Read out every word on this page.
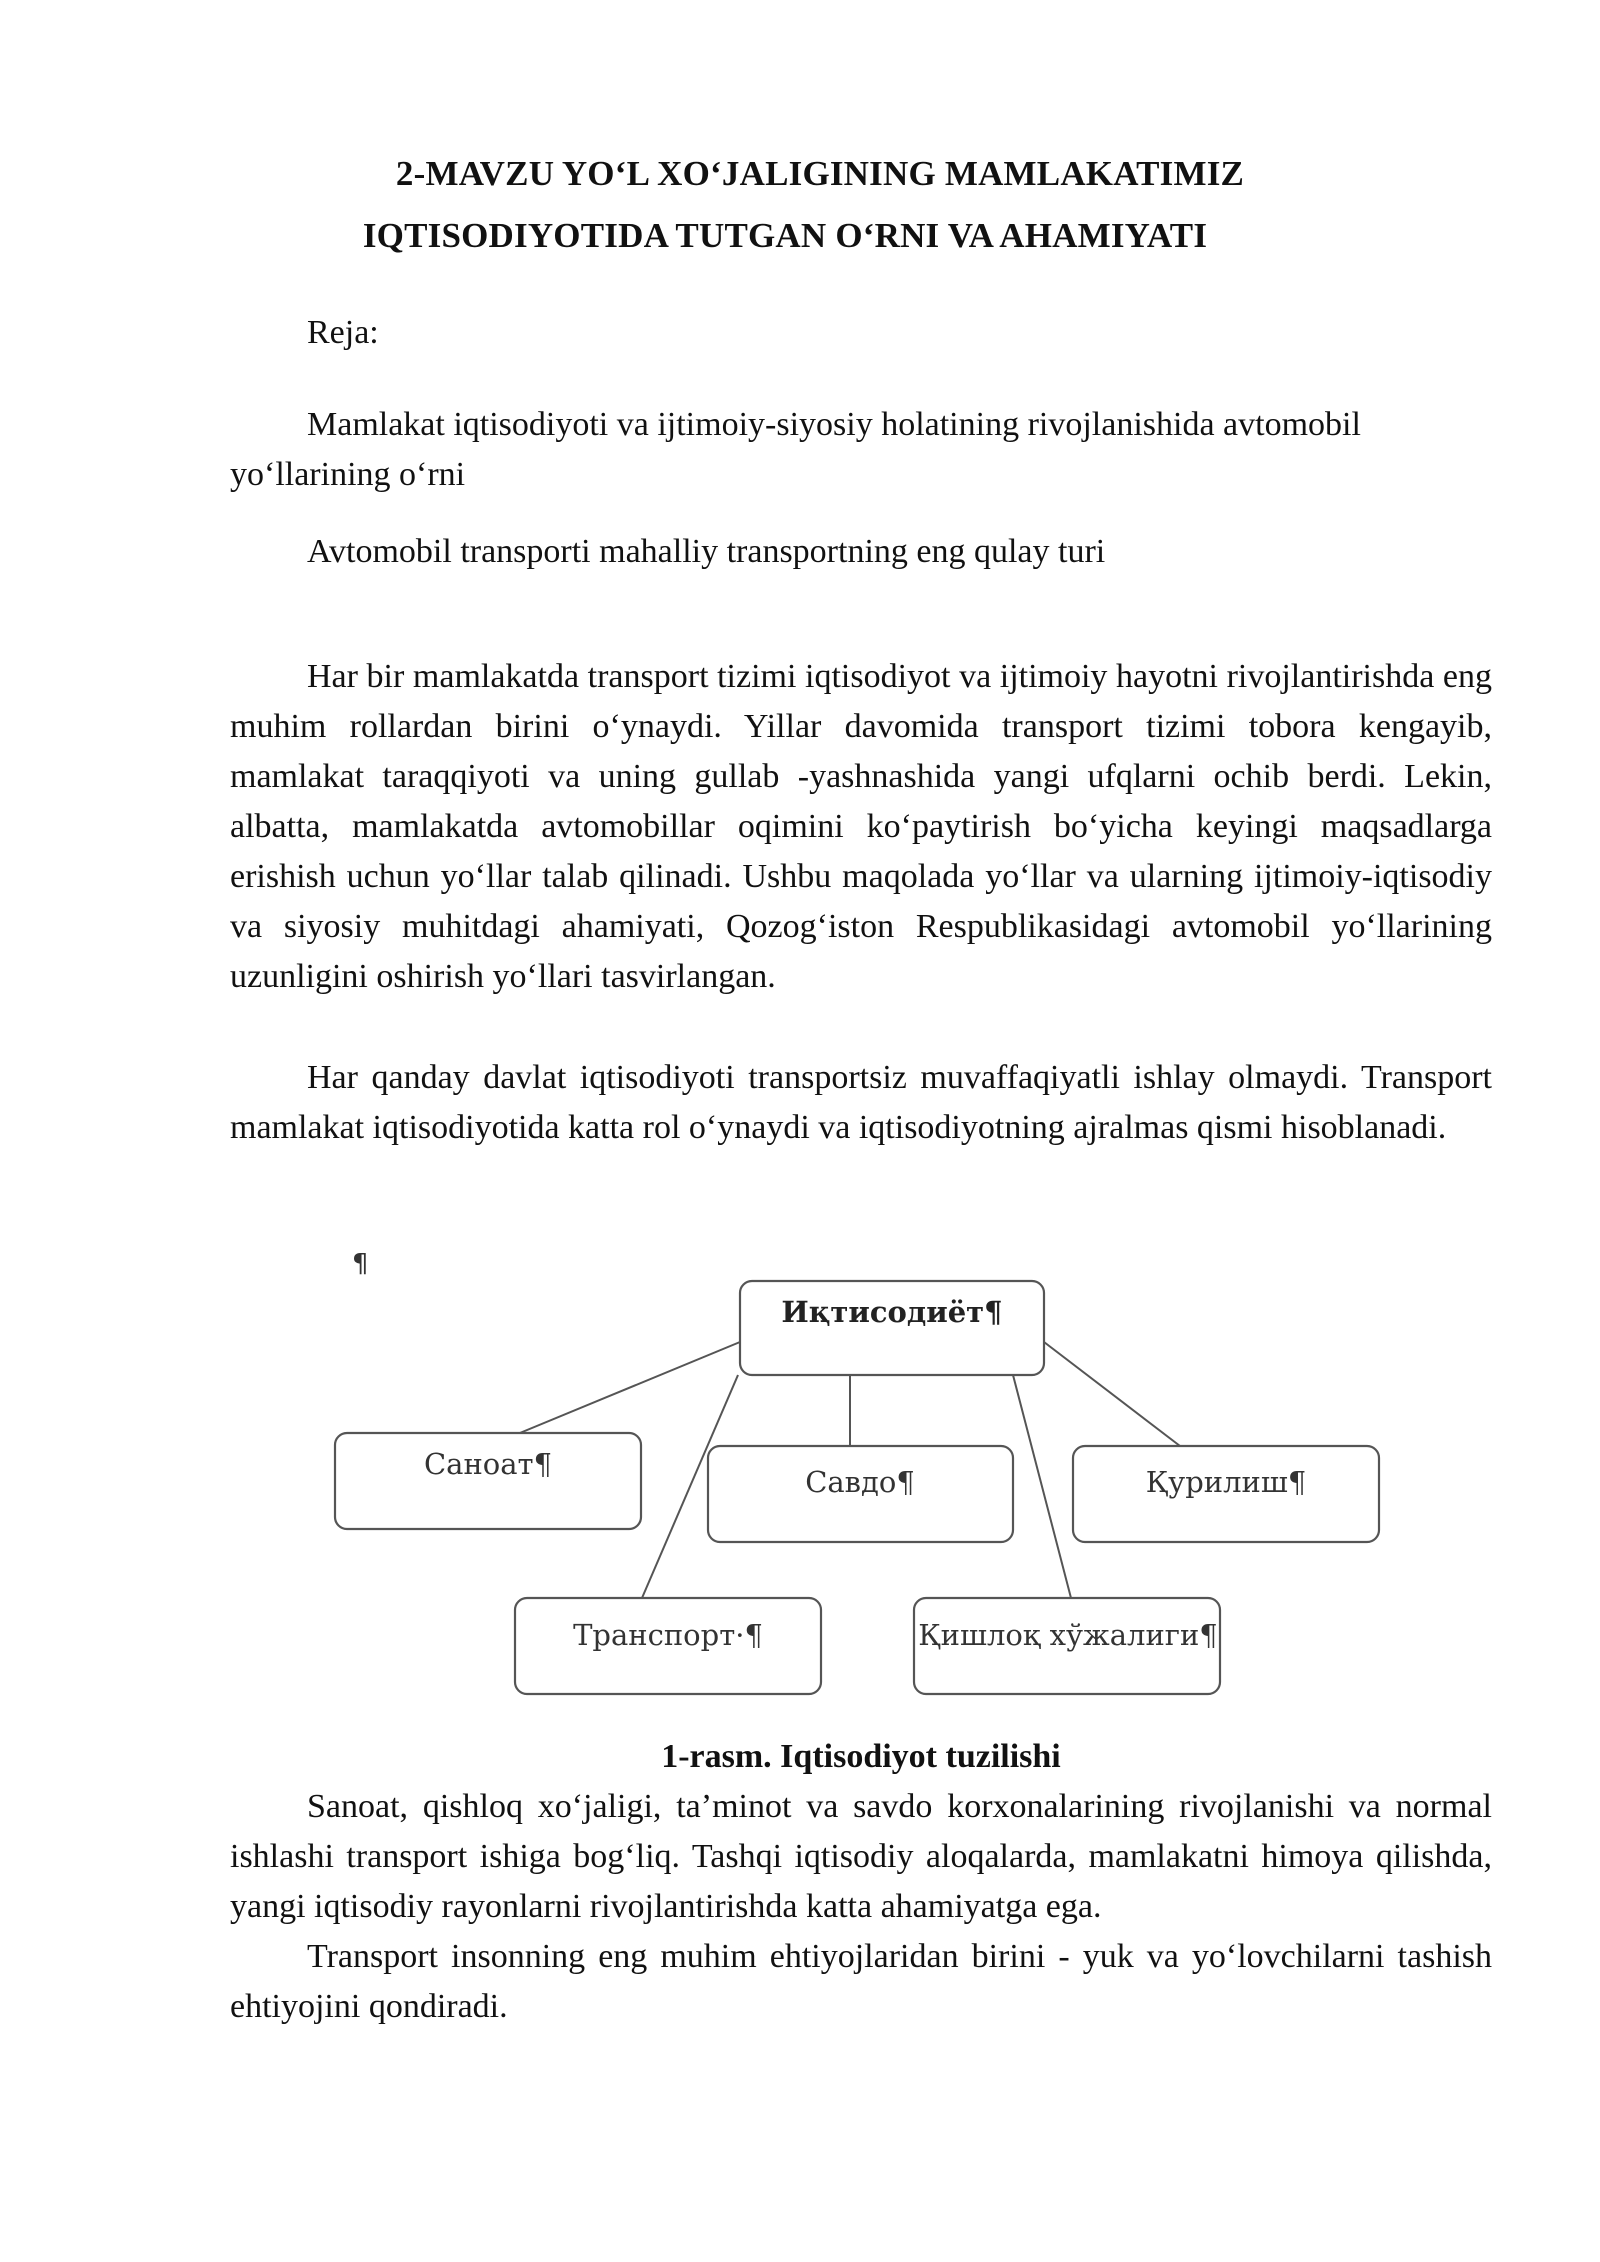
2-MAVZU YO‘L XO‘JALIGINING MAMLAKATIMIZ
IQTISODIYOTIDA TUTGAN O‘RNI VA AHAMIYATI
Reja:
Mamlakat iqtisodiyoti va ijtimoiy-siyosiy holatining rivojlanishida avtomobil yo‘llarining o‘rni
Avtomobil transporti mahalliy transportning eng qulay turi
Har bir mamlakatda transport tizimi iqtisodiyot va ijtimoiy hayotni rivojlantirishda eng muhim rollardan birini o‘ynaydi. Yillar davomida transport tizimi tobora kengayib, mamlakat taraqqiyoti va uning gullab -yashnashida yangi ufqlarni ochib berdi. Lekin, albatta, mamlakatda avtomobillar oqimini ko‘paytirish bo‘yicha keyingi maqsadlarga erishish uchun yo‘llar talab qilinadi. Ushbu maqolada yo‘llar va ularning ijtimoiy-iqtisodiy va siyosiy muhitdagi ahamiyati, Qozog‘iston Respublikasidagi avtomobil yo‘llarining uzunligini oshirish yo‘llari tasvirlangan.
Har qanday davlat iqtisodiyoti transportsiz muvaffaqiyatli ishlay olmaydi. Transport mamlakat iqtisodiyotida katta rol o‘ynaydi va iqtisodiyotning ajralmas qismi hisoblanadi.
¶
Иқтисодиёт¶
Саноат¶
Савдо¶	Қурилиш¶
Транспорт·¶	Қишлоқ хўжалиги¶
1-rasm. Iqtisodiyot tuzilishi
Sanoat, qishloq xo‘jaligi, ta’minot va savdo korxonalarining rivojlanishi va normal ishlashi transport ishiga bog‘liq. Tashqi iqtisodiy aloqalarda, mamlakatni himoya qilishda, yangi iqtisodiy rayonlarni rivojlantirishda katta ahamiyatga ega.
Transport insonning eng muhim ehtiyojlaridan birini - yuk va yo‘lovchilarni tashish ehtiyojini qondiradi.
